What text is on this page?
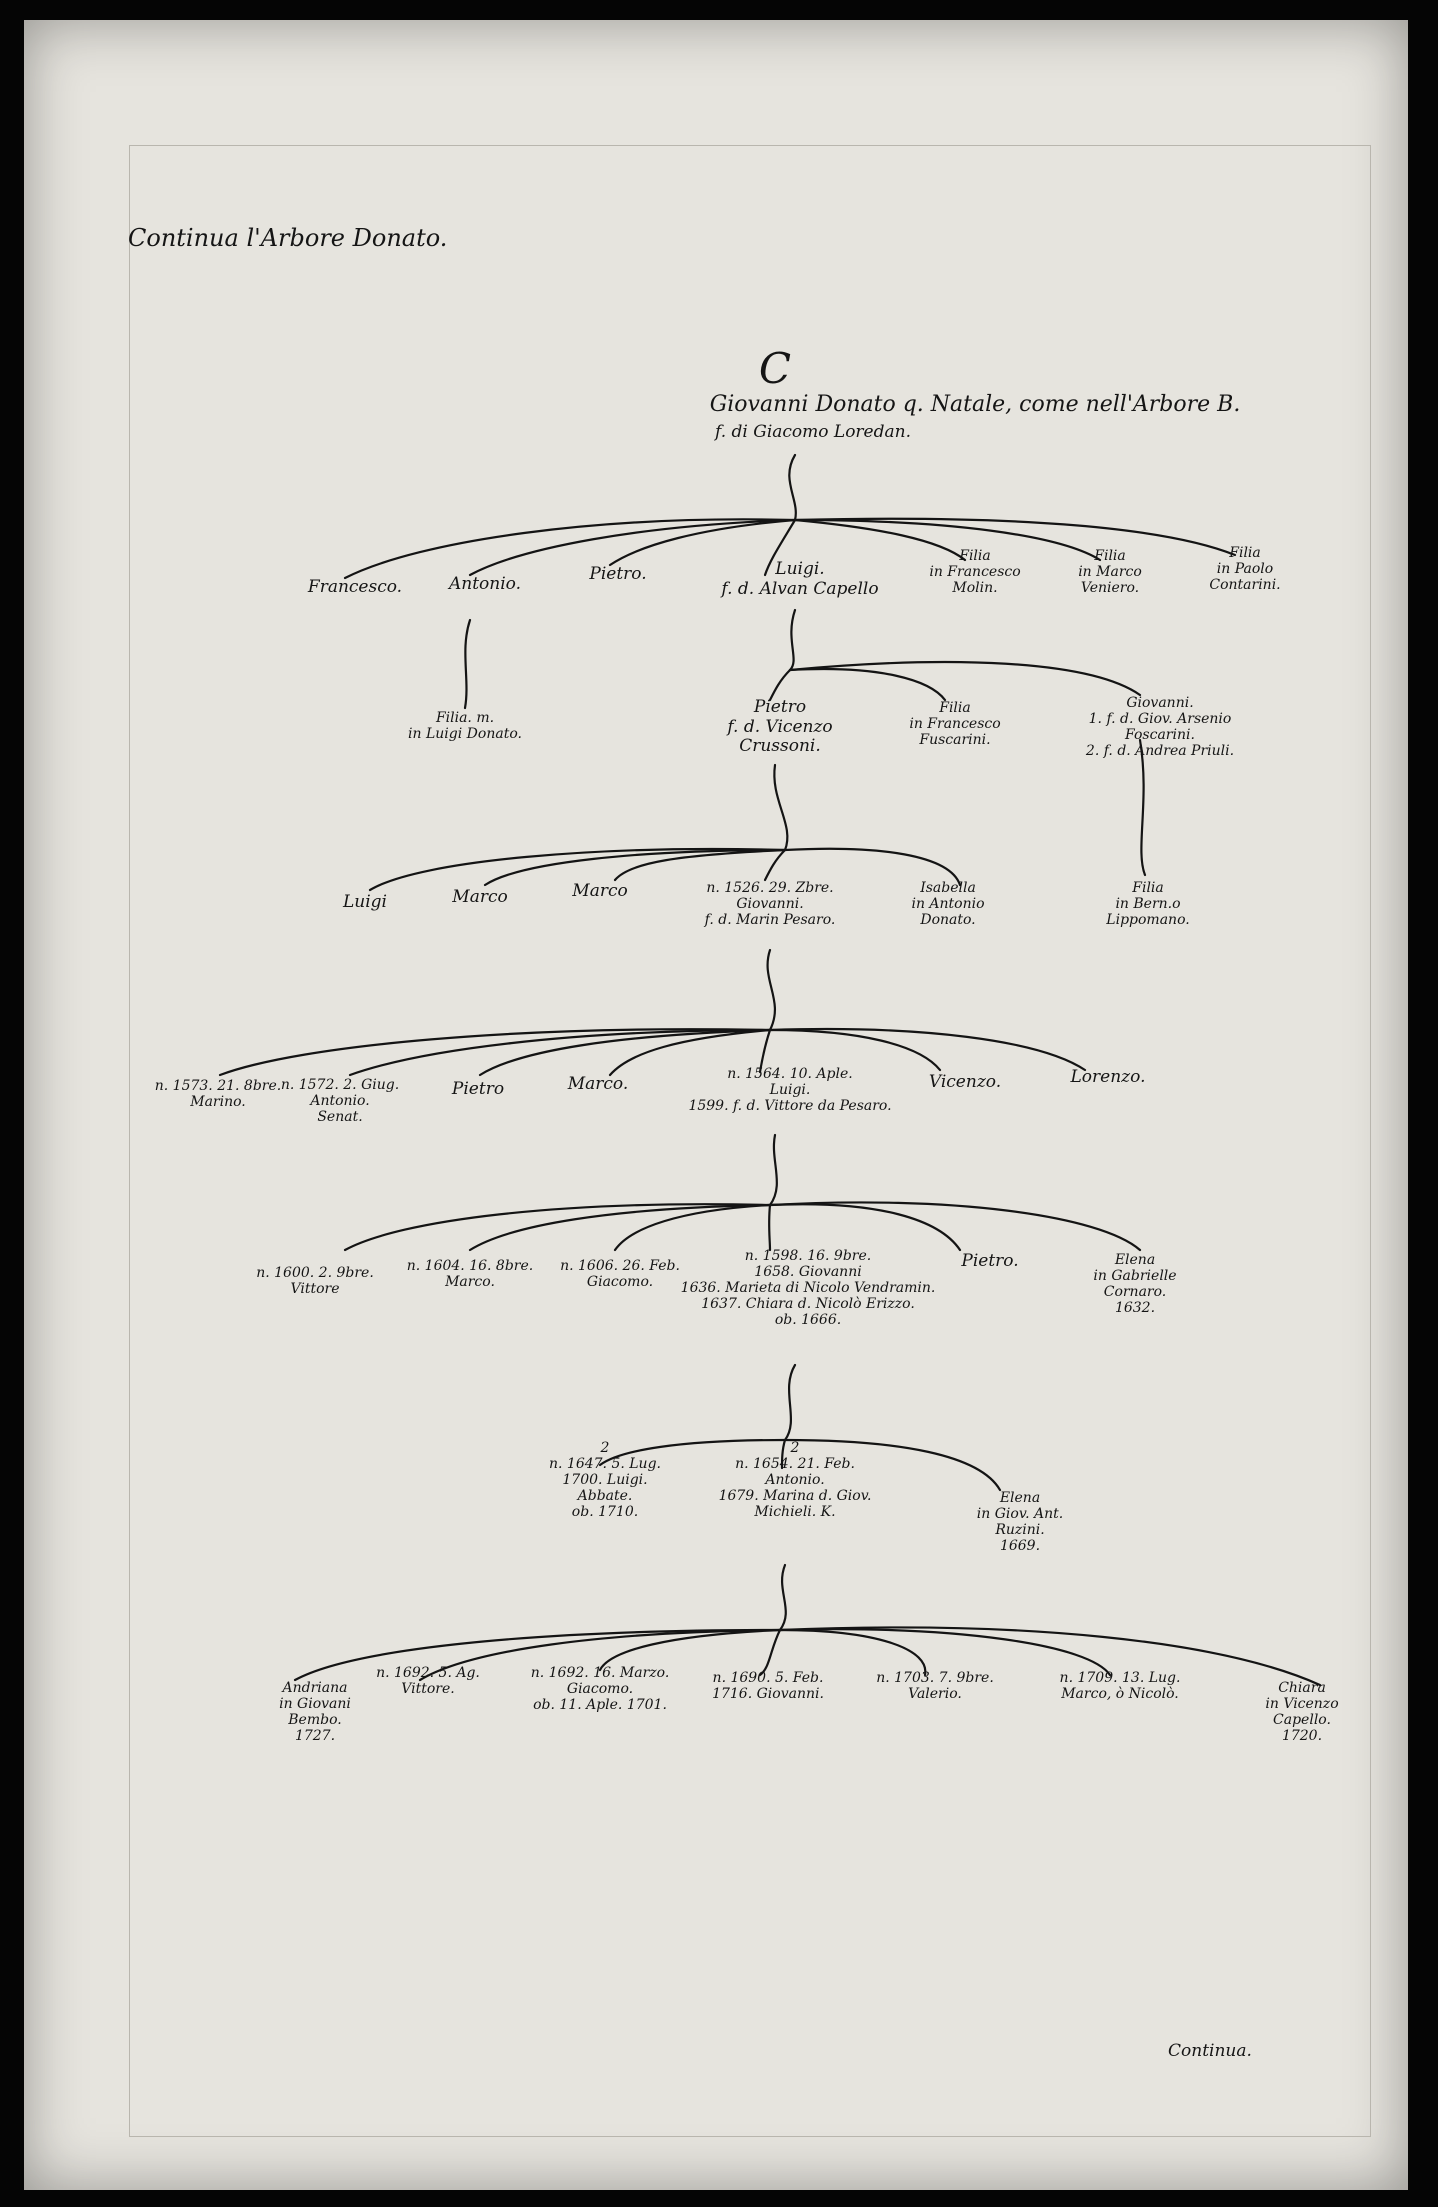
Continua l'Arbore Donato.
Continua.
C
Giovanni Donato q. Natale, come nell'Arbore B.
f. di Giacomo Loredan.
Francesco.	Antonio.	Pietro.	Luigi.
f. d. Alvan Capello
Filia
in Francesco
Molin.
Filia
in Marco
Veniero.
Filia
in Paolo
Contarini.
Filia. m.
in Luigi Donato.
Pietro
f. d. Vicenzo
Crussoni.
Filia
in Francesco
Fuscarini.
Giovanni.
1. f. d. Giov. Arsenio
Foscarini.
2. f. d. Andrea Priuli.
Luigi	Marco	Marco	n. 1526. 29. Zbre.
Giovanni.
f. d. Marin Pesaro.
Isabella
in Antonio
Donato.
Filia
in Bern.o
Lippomano.
n. 1573. 21. 8bre.
Marino.
n. 1572. 2. Giug.
Antonio.
Senat.
Pietro	Marco.	n. 1564. 10. Aple.
Luigi.
1599. f. d. Vittore da Pesaro.
Vicenzo.	Lorenzo.
n. 1600. 2. 9bre.
Vittore
n. 1604. 16. 8bre.
Marco.
n. 1606. 26. Feb.
Giacomo.
n. 1598. 16. 9bre.
1658. Giovanni
1636. Marieta di Nicolo Vendramin.
1637. Chiara d. Nicolò Erizzo.
ob. 1666.
Pietro.	Elena
in Gabrielle
Cornaro.
1632.
2
n. 1647. 5. Lug.
1700. Luigi.
Abbate.
ob. 1710.
2
n. 1654. 21. Feb.
Antonio.
1679. Marina d. Giov.
Michieli. K.
Elena
in Giov. Ant.
Ruzini.
1669.
Andriana
in Giovani
Bembo.
1727.
n. 1692. 5. Ag.
Vittore.
n. 1692. 16. Marzo.
Giacomo.
ob. 11. Aple. 1701.
n. 1690. 5. Feb.
1716. Giovanni.
n. 1703. 7. 9bre.
Valerio.
n. 1709. 13. Lug.
Marco, ò Nicolò.	Chiara
in Vicenzo
Capello.
1720.
